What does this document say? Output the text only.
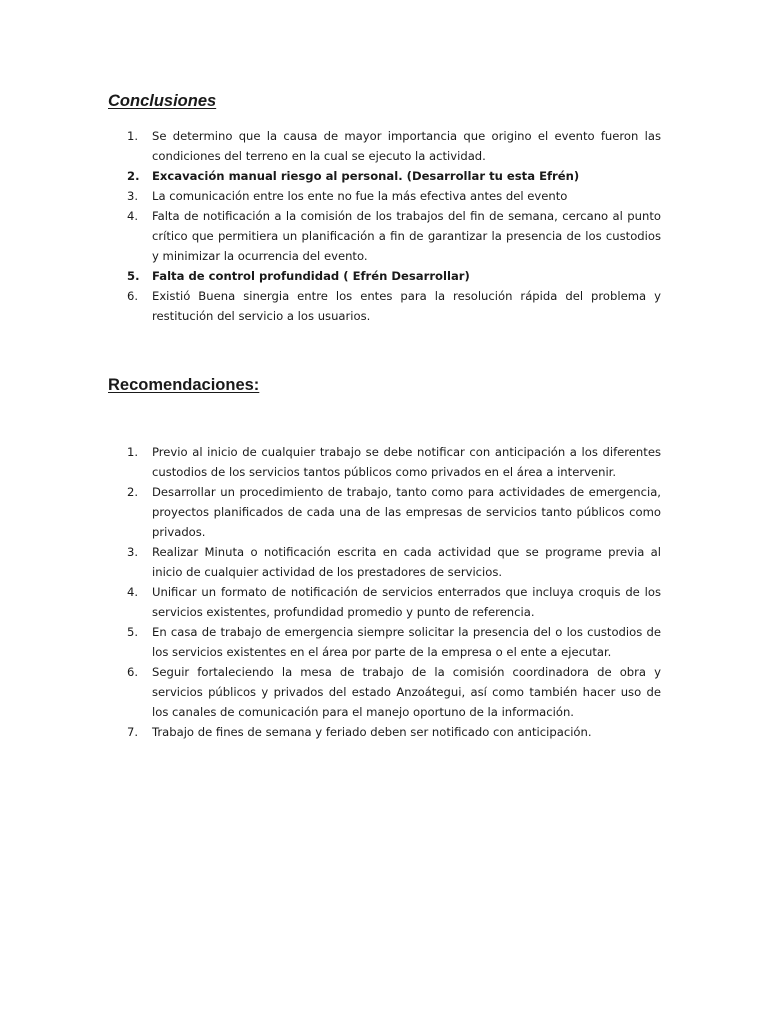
Conclusiones
1.	Se determino que la causa de mayor importancia que origino el evento fueron las condiciones del terreno en la cual se ejecuto la actividad.
2.	Excavación manual riesgo al personal. (Desarrollar tu esta Efrén)
3.	La comunicación entre los ente no fue la más efectiva antes del evento
4.	Falta de notificación a la comisión de los trabajos del fin de semana, cercano al punto crítico que permitiera un planificación a fin de garantizar la presencia de los custodios y minimizar la ocurrencia del evento.
5.	Falta de control profundidad ( Efrén Desarrollar)
6.	Existió Buena sinergia entre los entes para la resolución rápida del problema y restitución del servicio a los usuarios.
Recomendaciones:
1.	Previo al inicio de cualquier trabajo se debe notificar con anticipación a los diferentes custodios de los servicios tantos públicos como privados en el área a intervenir.
2.	Desarrollar un procedimiento de trabajo, tanto como para actividades de emergencia, proyectos planificados de cada una de las empresas de servicios tanto públicos como privados.
3.	Realizar Minuta o notificación escrita en cada actividad que se programe previa al inicio de cualquier actividad de los prestadores de servicios.
4.	Unificar un formato de notificación de servicios enterrados que incluya croquis de los servicios existentes, profundidad promedio y punto de referencia.
5.	En casa de trabajo de emergencia siempre solicitar la presencia del o los custodios de los servicios existentes en el área por parte de la empresa o el ente a ejecutar.
6.	Seguir fortaleciendo la mesa de trabajo de la comisión coordinadora de obra y servicios públicos y privados del estado Anzoátegui, así como también hacer uso de los canales de comunicación para el manejo oportuno de la información.
7.	Trabajo de fines de semana y feriado deben ser notificado con anticipación.
